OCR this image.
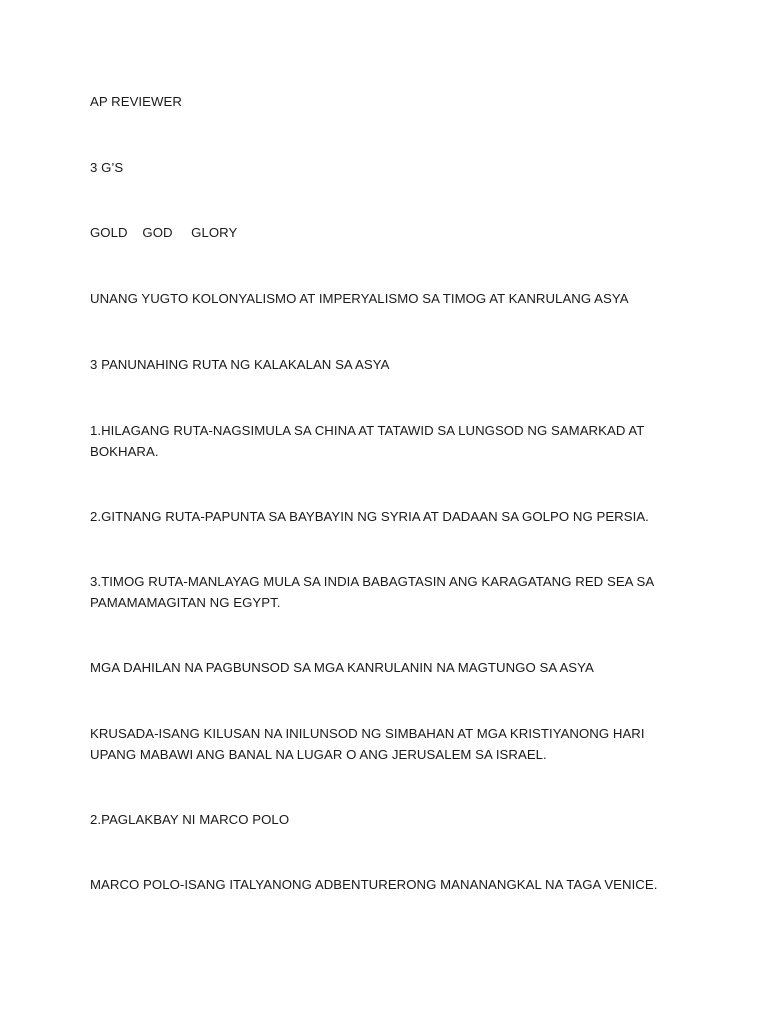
AP REVIEWER

3 G’S

GOLD    GOD     GLORY

UNANG YUGTO KOLONYALISMO AT IMPERYALISMO SA TIMOG AT KANRULANG ASYA

3 PANUNAHING RUTA NG KALAKALAN SA ASYA

1.HILAGANG RUTA-NAGSIMULA SA CHINA AT TATAWID SA LUNGSOD NG SAMARKAD AT BOKHARA.

2.GITNANG RUTA-PAPUNTA SA BAYBAYIN NG SYRIA AT DADAAN SA GOLPO NG PERSIA.

3.TIMOG RUTA-MANLAYAG MULA SA INDIA BABAGTASIN ANG KARAGATANG RED SEA SA PAMAMAMAGITAN NG EGYPT.

MGA DAHILAN NA PAGBUNSOD SA MGA KANRULANIN NA MAGTUNGO SA ASYA

KRUSADA-ISANG KILUSAN NA INILUNSOD NG SIMBAHAN AT MGA KRISTIYANONG HARI UPANG MABAWI ANG BANAL NA LUGAR O ANG JERUSALEM SA ISRAEL.

2.PAGLAKBAY NI MARCO POLO

MARCO POLO-ISANG ITALYANONG ADBENTURERONG MANANANGKAL NA TAGA VENICE.
